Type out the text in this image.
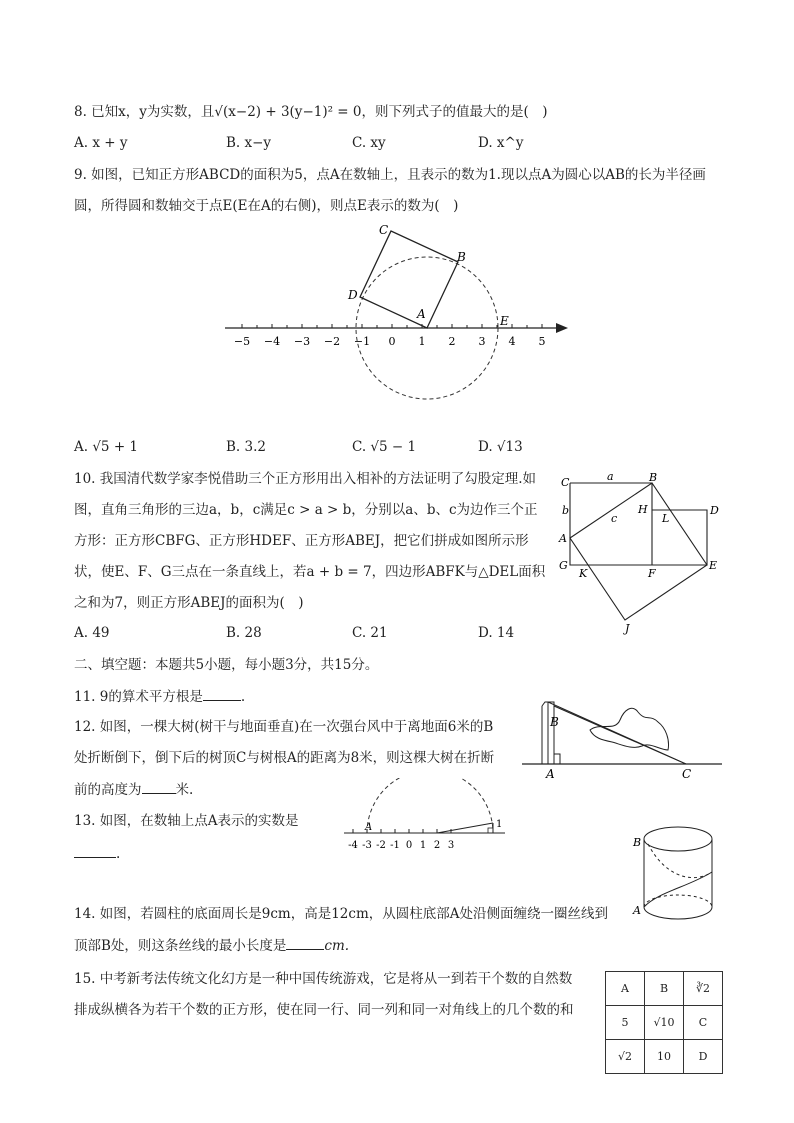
8. 已知x，y为实数，且√(x−2) + 3(y−1)² = 0，则下列式子的值最大的是(　)
A. x + y	B. x−y	C. xy	D. x^y
9. 如图，已知正方形ABCD的面积为5，点A在数轴上，且表示的数为1.现以点A为圆心以AB的长为半径画
圆，所得圆和数轴交于点E(E在A的右侧)，则点E表示的数为(　)
C
B
D
A	E
−5 −4 −3 −2 −1 0 1 2 3 4 5
A. √5 + 1	B. 3.2	C. √5 − 1	D. √13
10. 我国清代数学家李悦借助三个正方形用出入相补的方法证明了勾股定理.如
图，直角三角形的三边a，b，c满足c > a > b，分别以a、b、c为边作三个正
方形：正方形CBFG、正方形HDEF、正方形ABEJ，把它们拼成如图所示形
状，使E、F、G三点在一条直线上，若a + b = 7，四边形ABFK与△DEL面积
之和为7，则正方形ABEJ的面积为(　)
A. 49	B. 28	C. 21	D. 14
C	a	B
b	H
L
D
c
A
G
K	F
E
J
二、填空题：本题共5小题，每小题3分，共15分。
11. 9的算术平方根是	.
12. 如图，一棵大树(树干与地面垂直)在一次强台风中于离地面6米的B
处折断倒下，倒下后的树顶C与树根A的距离为8米，则这棵大树在折断
前的高度为	米.
B
A	C
13. 如图，在数轴上点A表示的实数是
.
A	1
-4 -3 -2 -1 0 1 2 3	B
A
14. 如图，若圆柱的底面周长是9cm，高是12cm，从圆柱底部A处沿侧面缠绕一圈丝线到
顶部B处，则这条丝线的最小长度是	cm.
15. 中考新考法传统文化幻方是一种中国传统游戏，它是将从一到若干个数的自然数
排成纵横各为若干个数的正方形，使在同一行、同一列和同一对角线上的几个数的和
A	B	∛2
5	√10	C
√2	10	D
